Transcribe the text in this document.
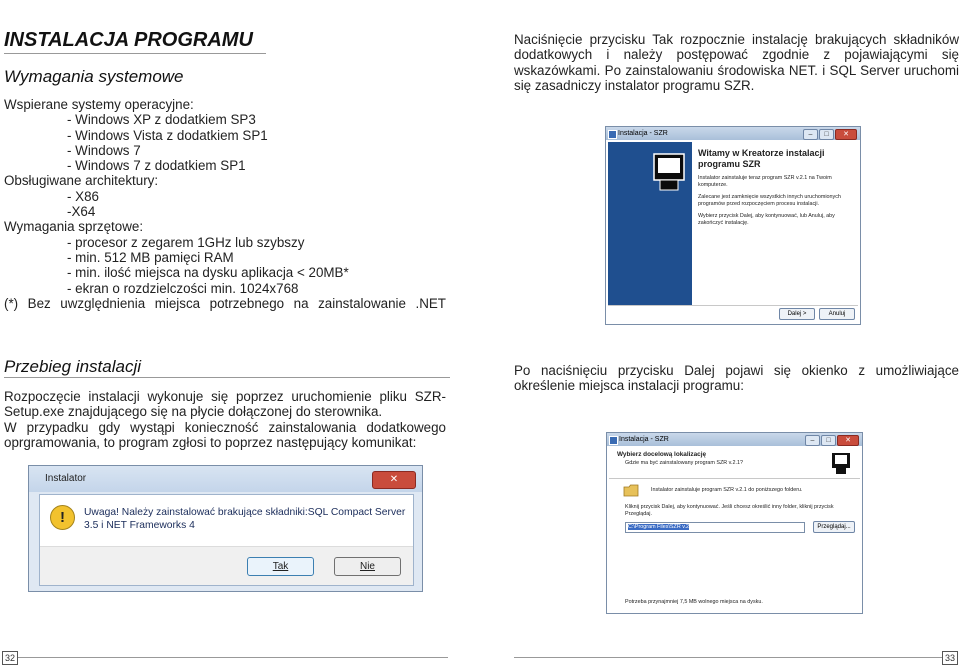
INSTALACJA PROGRAMU
Wymagania systemowe
Wspierane systemy operacyjne:
- Windows XP z dodatkiem SP3
- Windows Vista z dodatkiem SP1
- Windows 7
- Windows 7 z dodatkiem SP1
Obsługiwane architektury:
- X86
-X64
Wymagania sprzętowe:
- procesor z zegarem 1GHz lub szybszy
- min. 512 MB pamięci RAM
- min. ilość miejsca na dysku aplikacja < 20MB*
- ekran o rozdzielczości min. 1024x768
(*) Bez uwzględnienia miejsca potrzebnego na zainstalowanie .NET
Przebieg instalacji
Rozpoczęcie instalacji wykonuje się poprzez uruchomienie pliku SZR-
Setup.exe znajdującego się na płycie dołączonej do sterownika.
W przypadku gdy wystąpi konieczność zainstalowania dodatkowego
oprgramowania, to program zgłosi to poprzez następujący komunikat:
Instalator	✕
!	Uwaga! Należy zainstalować brakujące składniki:SQL Compact Server
3.5 i NET Frameworks 4
Tak	Nie
Naciśnięcie przycisku Tak rozpocznie instalację brakujących składników
dodatkowych i należy postępować zgodnie z pojawiającymi się
wskazówkami. Po zainstalowaniu środowiska NET. i SQL Server uruchomi
się zasadniczy instalator programu SZR.
Instalacja - SZR	–	□	✕
Witamy w Kreatorze instalacji
programu SZR
Instalator zainstaluje teraz program SZR v.2.1 na Twoim komputerze.
Zalecane jest zamknięcie wszystkich innych uruchomionych programów przed rozpoczęciem procesu instalacji.
Wybierz przycisk Dalej, aby kontynuować, lub Anuluj, aby zakończyć instalację.
Dalej >	Anuluj
Po naciśnięciu przycisku Dalej pojawi się okienko z umożliwiające
określenie miejsca instalacji programu:
Instalacja - SZR	–	□	✕
Wybierz docelową lokalizację
Gdzie ma być zainstalowany program SZR v.2.1?
Instalator zainstaluje program SZR v.2.1 do poniższego folderu.
Kliknij przycisk Dalej, aby kontynuować. Jeśli chcesz określić inny folder, kliknij przycisk Przeglądaj.
C:\Program Files\SZR v.2	Przeglądaj...
Potrzeba przynajmniej 7,5 MB wolnego miejsca na dysku.
32	33
